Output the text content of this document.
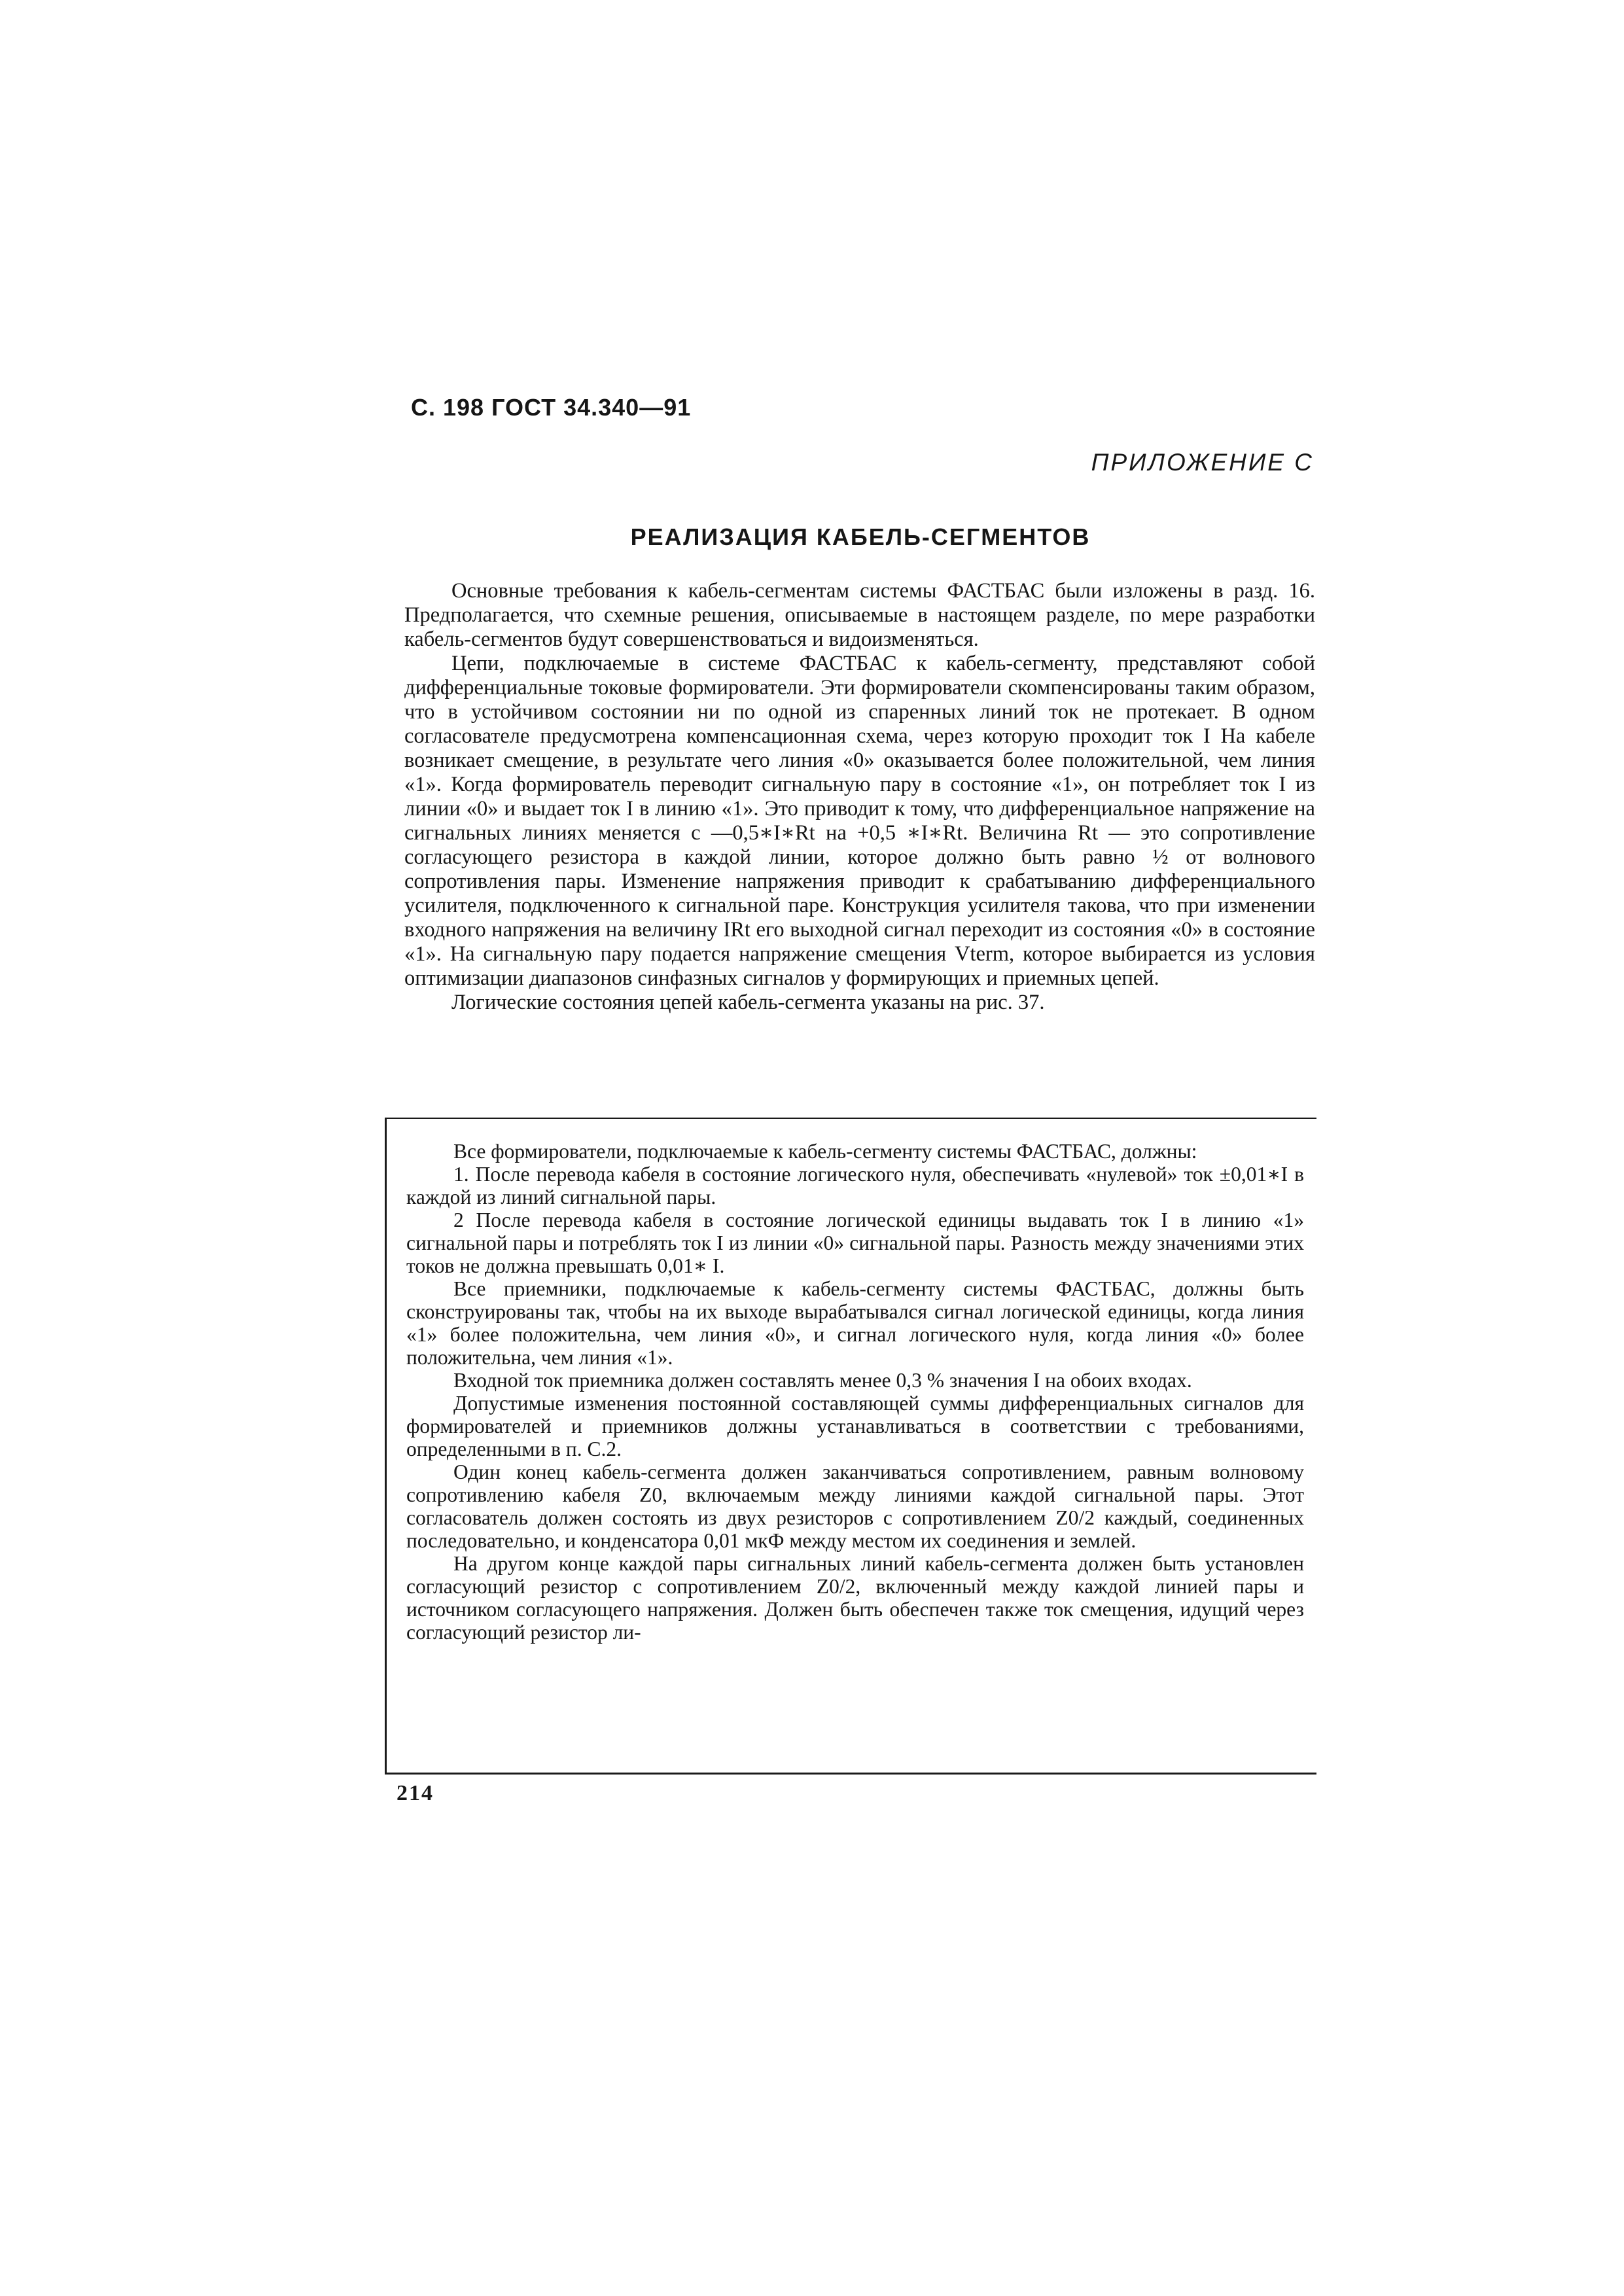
С. 198 ГОСТ 34.340—91
ПРИЛОЖЕНИЕ С
РЕАЛИЗАЦИЯ КАБЕЛЬ-СЕГМЕНТОВ

Основные требования к кабель-сегментам системы ФАСТБАС были изложены в разд. 16. Предполагается, что схемные решения, описываемые в настоящем разделе, по мере разработки кабель-сегментов будут совершенствоваться и видоизменяться.

Цепи, подключаемые в системе ФАСТБАС к кабель-сегменту, представляют собой дифференциальные токовые формирователи. Эти формирователи скомпенсированы таким образом, что в устойчивом состоянии ни по одной из спаренных линий ток не протекает. В одном согласователе предусмотрена компенсационная схема, через которую проходит ток I На кабеле возникает смещение, в результате чего линия «0» оказывается более положительной, чем линия «1». Когда формирователь переводит сигнальную пару в состояние «1», он потребляет ток I из линии «0» и выдает ток I в линию «1». Это приводит к тому, что дифференциальное напряжение на сигнальных линиях меняется с —0,5∗I∗Rt на +0,5 ∗I∗Rt. Величина Rt — это сопротивление согласующего резистора в каждой линии, которое должно быть равно ½ от волнового сопротивления пары. Изменение напряжения приводит к срабатыванию дифференциального усилителя, подключенного к сигнальной паре. Конструкция усилителя такова, что при изменении входного напряжения на величину IRt его выходной сигнал переходит из состояния «0» в состояние «1». На сигнальную пару подается напряжение смещения Vterm, которое выбирается из условия оптимизации диапазонов синфазных сигналов у формирующих и приемных цепей.

Логические состояния цепей кабель-сегмента указаны на рис. 37.

Все формирователи, подключаемые к кабель-сегменту системы ФАСТБАС, должны:

1. После перевода кабеля в состояние логического нуля, обеспечивать «нулевой» ток ±0,01∗I в каждой из линий сигнальной пары.

2 После перевода кабеля в состояние логической единицы выдавать ток I в линию «1» сигнальной пары и потреблять ток I из линии «0» сигнальной пары. Разность между значениями этих токов не должна превышать 0,01∗ I.

Все приемники, подключаемые к кабель-сегменту системы ФАСТБАС, должны быть сконструированы так, чтобы на их выходе вырабатывался сигнал логической единицы, когда линия «1» более положительна, чем линия «0», и сигнал логического нуля, когда линия «0» более положительна, чем линия «1».

Входной ток приемника должен составлять менее 0,3 % значения I на обоих входах.

Допустимые изменения постоянной составляющей суммы дифференциальных сигналов для формирователей и приемников должны устанавливаться в соответствии с требованиями, определенными в п. С.2.

Один конец кабель-сегмента должен заканчиваться сопротивлением, равным волновому сопротивлению кабеля Z0, включаемым между линиями каждой сигнальной пары. Этот согласователь должен состоять из двух резисторов с сопротивлением Z0/2 каждый, соединенных последовательно, и конденсатора 0,01 мкФ между местом их соединения и землей.

На другом конце каждой пары сигнальных линий кабель-сегмента должен быть установлен согласующий резистор с сопротивлением Z0/2, включенный между каждой линией пары и источником согласующего напряжения. Должен быть обеспечен также ток смещения, идущий через согласующий резистор ли-

214
